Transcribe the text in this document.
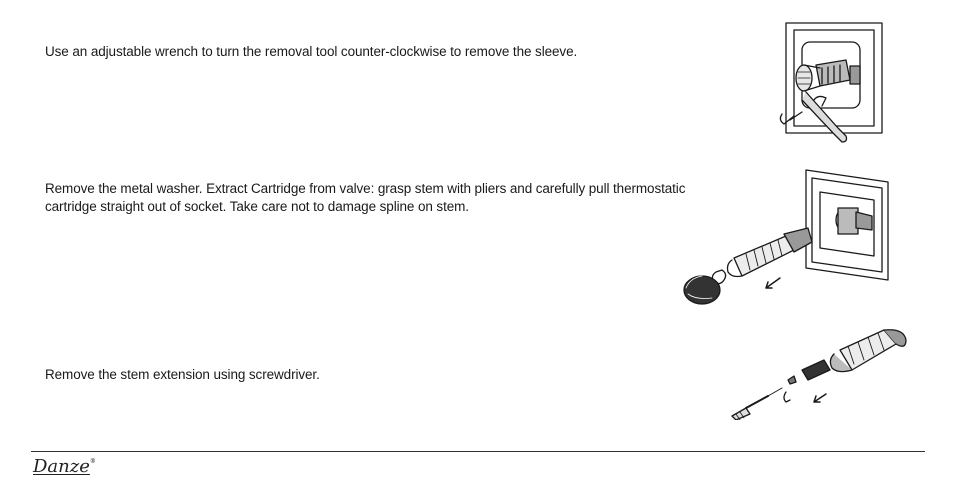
Use an adjustable wrench to turn the removal tool counter-clockwise to remove the sleeve.
Remove the metal washer. Extract Cartridge from valve: grasp stem with pliers and carefully pull thermostatic cartridge straight out of socket. Take care not to damage spline on stem.
Remove the stem extension using screwdriver.
Danze®
